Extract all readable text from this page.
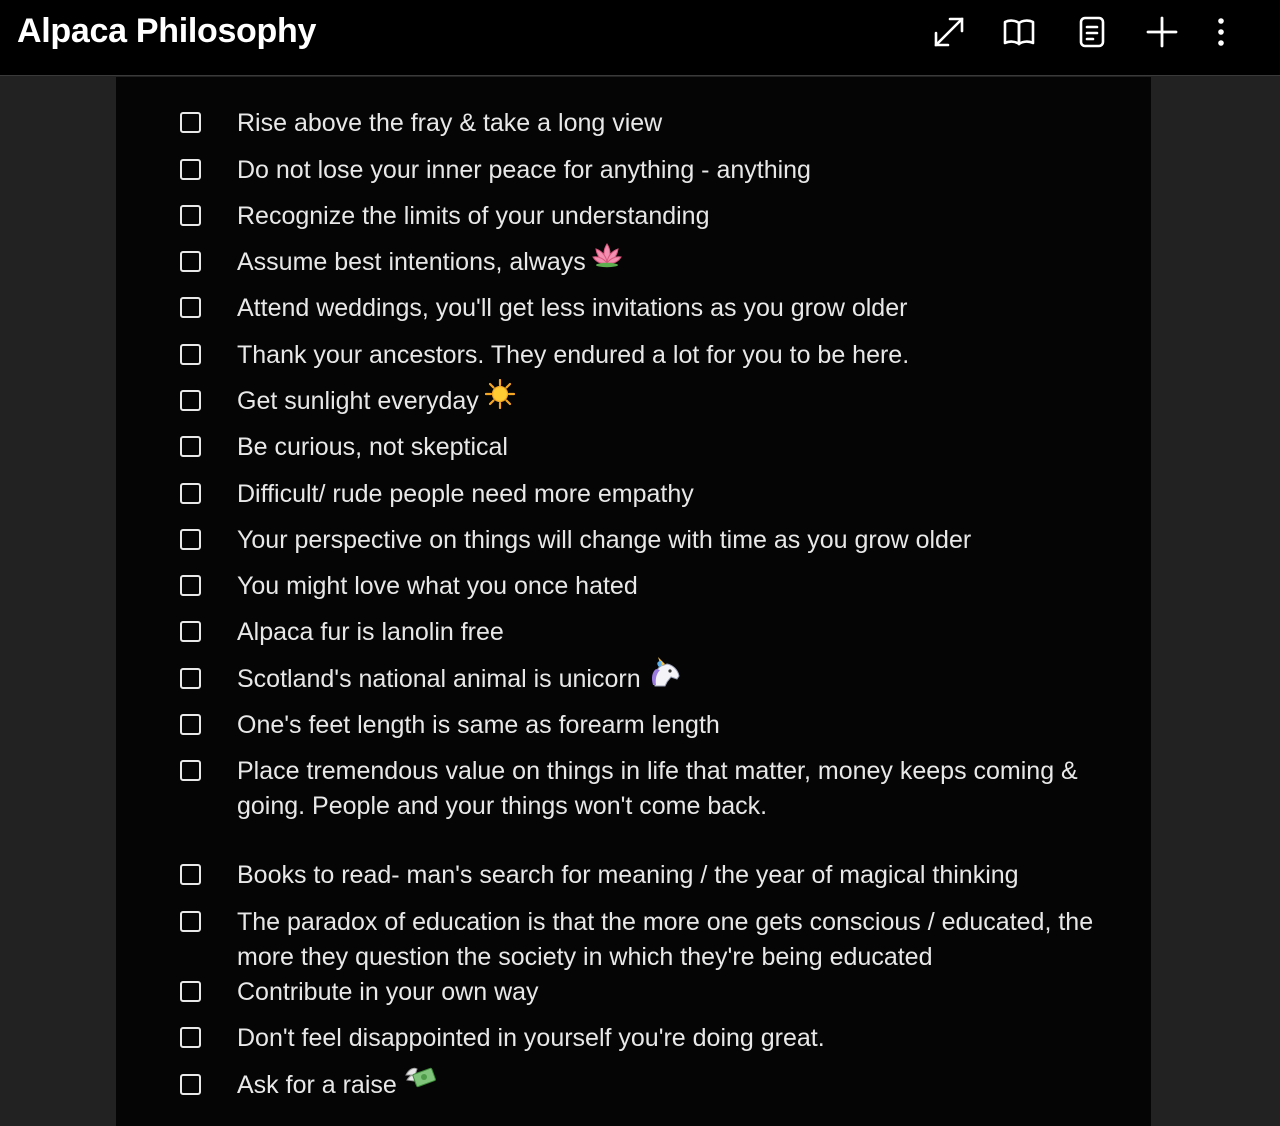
Alpaca Philosophy
Rise above the fray & take a long view
Do not lose your inner peace for anything - anything
Recognize the limits of your understanding
Assume best intentions, always
Attend weddings, you'll get less invitations as you grow older
Thank your ancestors. They endured a lot for you to be here.
Get sunlight everyday
Be curious, not skeptical
Difficult/ rude people need more empathy
Your perspective on things will change with time as you grow older
You might love what you once hated
Alpaca fur is lanolin free
Scotland's national animal is unicorn
One's feet length is same as forearm length
Place tremendous value on things in life that matter, money keeps coming & going. People and your things won't come back.
Books to read- man's search for meaning / the year of magical thinking
The paradox of education is that the more one gets conscious / educated, the more they question the society in which they're being educated
Contribute in your own way
Don't feel disappointed in yourself you're doing great.
Ask for a raise
